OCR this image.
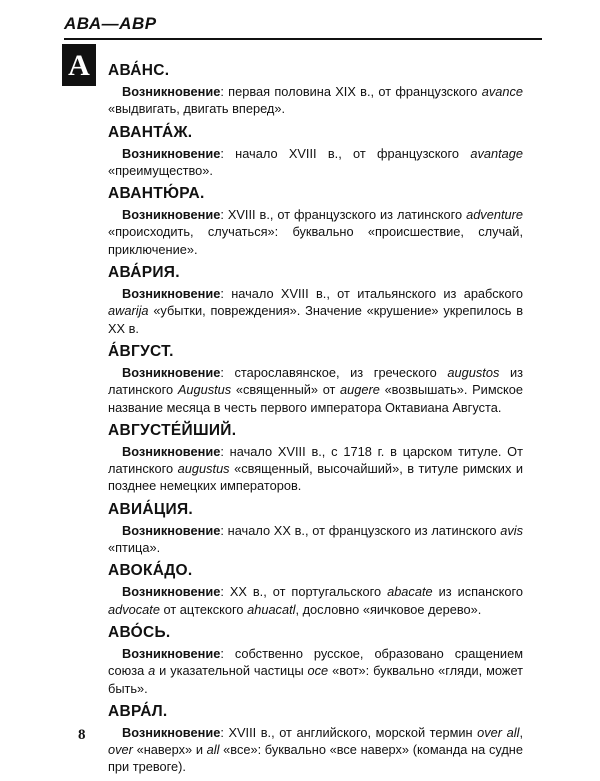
АВА—АВР
А	АВА́НС.

Возникновение: первая половина XIX в., от французского avance «выдвигать, двигать вперед».

АВАНТА́Ж.

Возникновение: начало XVIII в., от французского avantage «преимущество».

АВАНТЮ́РА.

Возникновение: XVIII в., от французского из латинского adventure «происходить, случаться»: буквально «происшествие, случай, приключение».

АВА́РИЯ.

Возникновение: начало XVIII в., от итальянского из арабского awarija «убытки, повреждения». Значение «крушение» укрепилось в XX в.

А́ВГУСТ.

Возникновение: старославянское, из греческого augustos из латинского Augustus «священный» от augere «возвышать». Римское название месяца в честь первого императора Октавиана Августа.

АВГУСТЕ́ЙШИЙ.

Возникновение: начало XVIII в., с 1718 г. в царском титуле. От латинского augustus «священный, высочайший», в титуле римских и позднее немецких императоров.

АВИА́ЦИЯ.

Возникновение: начало XX в., от французского из латинского avis «птица».

АВОКА́ДО.

Возникновение: XX в., от португальского abacate из испанского advocate от ацтекского ahuacatl, дословно «яичковое дерево».

АВО́СЬ.

Возникновение: собственно русское, образовано сращением союза a и указательной частицы осе «вот»: буквально «гляди, может быть».

АВРА́Л.

Возникновение: XVIII в., от английского, морской термин over all, over «наверх» и all «все»: буквально «все наверх» (команда на судне при тревоге).

8
